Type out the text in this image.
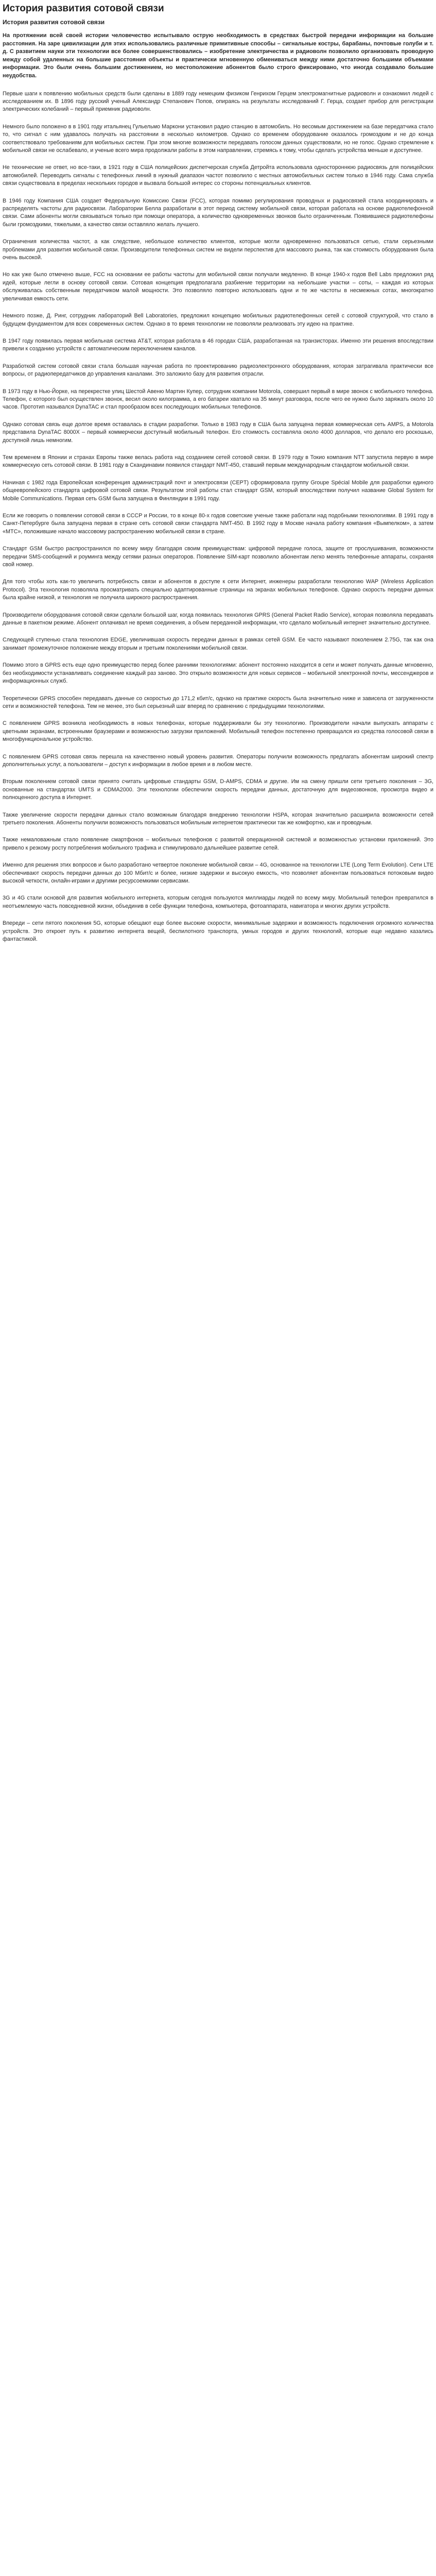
История развития сотовой связи
История развития сотовой связи

На протяжении всей своей истории человечество испытывало острую необходимость в средствах быстрой передачи информации на большие расстояния. На заре цивилизации для этих использовались различные примитивные способы – сигнальные костры, барабаны, почтовые голуби и т. д. С развитием науки эти технологии все более совершенствовались – изобретение электричества и радиоволн позволило организовать проводную между собой удаленных на большие расстояния объекты и практически мгновенную обмениваться между ними достаточно большими объемами информации. Это были очень большим достижением, но местоположение абонентов было строго фиксировано, что иногда создавало большие неудобства.

Первые шаги к появлению мобильных средств были сделаны в 1889 году немецким физиком Генрихом Герцем электромагнитные радиоволн и ознакомил людей с исследованием их. В 1896 году русский ученый Александр Степанович Попов, опираясь на результаты исследований Г. Герца, создает прибор для регистрации электрических колебаний – первый приемник радиоволн.

Немного было положено в в 1901 году итальянец Гульельмо Маркони установил радио станцию в автомобиль. Но весомым достижением на базе передатчика стало то, что сигнал с ним удавалось получать на расстоянии в несколько километров. Однако со временем оборудование оказалось громоздким и не до конца соответствовало требованиям для мобильных систем. При этом многие возможности передавать голосом данных существовали, но не голос. Однако стремление к мобильной связи не ослабевало, и ученые всего мира продолжали работы в этом направлении, стремясь к тому, чтобы сделать устройства меньше и доступнее.

Не технические не ответ, но все-таки, в 1921 году в США полицейских диспетчерская служба Детройта использовала одностороннюю радиосвязь для полицейских автомобилей. Переводить сигналы с телефонных линий в нужный диапазон частот позволило с местных автомобильных систем только в 1946 году. Сама служба связи существовала в пределах нескольких городов и вызвала большой интерес со стороны потенциальных клиентов.

В 1946 году Компания США создает Федеральную Комиссию Связи (FCC), которая помимо регулирования проводных и радиосвязей стала координировать и распределять частоты для радиосвязи. Лаборатории Белла разработали в этот период систему мобильной связи, которая работала на основе радиотелефонной связи. Сами абоненты могли связываться только при помощи оператора, а количество одновременных звонков было ограниченным. Появившиеся радиотелефоны были громоздкими, тяжелыми, а качество связи оставляло желать лучшего.

Ограничения количества частот, а как следствие, небольшое количество клиентов, которые могли одновременно пользоваться сетью, стали серьезными проблемами для развития мобильной связи. Производители телефонных систем не видели перспектив для массового рынка, так как стоимость оборудования была очень высокой.

Но как уже было отмечено выше, FCC на основании ее работы частоты для мобильной связи получали медленно. В конце 1940-х годов Bell Labs предложил ряд идей, которые легли в основу сотовой связи. Сотовая концепция предполагала разбиение территории на небольшие участки – соты, – каждая из которых обслуживалась собственным передатчиком малой мощности. Это позволяло повторно использовать одни и те же частоты в несмежных сотах, многократно увеличивая емкость сети.

Немного позже, Д. Ринг, сотрудник лабораторий Bell Laboratories, предложил концепцию мобильных радиотелефонных сетей с сотовой структурой, что стало в будущем фундаментом для всех современных систем. Однако в то время технологии не позволяли реализовать эту идею на практике.

В 1947 году появилась первая мобильная система AT&T, которая работала в 46 городах США, разработанная на транзисторах. Именно эти решения впоследствии привели к созданию устройств с автоматическим переключением каналов.

Разработкой систем сотовой связи стала большая научная работа по проектированию радиоэлектронного оборудования, которая затрагивала практически все вопросы, от радиопередатчиков до управления каналами. Это заложило базу для развития отрасли.

В 1973 году в Нью-Йорке, на перекрестке улиц Шестой Авеню Мартин Купер, сотрудник компании Motorola, совершил первый в мире звонок с мобильного телефона. Телефон, с которого был осуществлен звонок, весил около килограмма, а его батареи хватало на 35 минут разговора, после чего ее нужно было заряжать около 10 часов. Прототип назывался DynaTAC и стал прообразом всех последующих мобильных телефонов.

Однако сотовая связь еще долгое время оставалась в стадии разработки. Только в 1983 году в США была запущена первая коммерческая сеть AMPS, а Motorola представила DynaTAC 8000X – первый коммерчески доступный мобильный телефон. Его стоимость составляла около 4000 долларов, что делало его роскошью, доступной лишь немногим.

Тем временем в Японии и странах Европы также велась работа над созданием сетей сотовой связи. В 1979 году в Токио компания NTT запустила первую в мире коммерческую сеть сотовой связи. В 1981 году в Скандинавии появился стандарт NMT-450, ставший первым международным стандартом мобильной связи.

Начиная с 1982 года Европейская конференция администраций почт и электросвязи (CEPT) сформировала группу Groupe Spécial Mobile для разработки единого общеевропейского стандарта цифровой сотовой связи. Результатом этой работы стал стандарт GSM, который впоследствии получил название Global System for Mobile Communications. Первая сеть GSM была запущена в Финляндии в 1991 году.

Если же говорить о появлении сотовой связи в СССР и России, то в конце 80-х годов советские ученые также работали над подобными технологиями. В 1991 году в Санкт-Петербурге была запущена первая в стране сеть сотовой связи стандарта NMT-450. В 1992 году в Москве начала работу компания «Вымпелком», а затем «МТС», положившие начало массовому распространению мобильной связи в стране.

Стандарт GSM быстро распространился по всему миру благодаря своим преимуществам: цифровой передаче голоса, защите от прослушивания, возможности передачи SMS-сообщений и роуминга между сетями разных операторов. Появление SIM-карт позволило абонентам легко менять телефонные аппараты, сохраняя свой номер.

Для того чтобы хоть как-то увеличить потребность связи и абонентов в доступе к сети Интернет, инженеры разработали технологию WAP (Wireless Application Protocol). Эта технология позволяла просматривать специально адаптированные страницы на экранах мобильных телефонов. Однако скорость передачи данных была крайне низкой, и технология не получила широкого распространения.

Производители оборудования сотовой связи сделали большой шаг, когда появилась технология GPRS (General Packet Radio Service), которая позволяла передавать данные в пакетном режиме. Абонент оплачивал не время соединения, а объем переданной информации, что сделало мобильный интернет значительно доступнее.

Следующей ступенью стала технология EDGE, увеличившая скорость передачи данных в рамках сетей GSM. Ее часто называют поколением 2.75G, так как она занимает промежуточное положение между вторым и третьим поколениями мобильной связи.

Помимо этого в GPRS есть еще одно преимущество перед более ранними технологиями: абонент постоянно находится в сети и может получать данные мгновенно, без необходимости устанавливать соединение каждый раз заново. Это открыло возможности для новых сервисов – мобильной электронной почты, мессенджеров и информационных служб.

Теоретически GPRS способен передавать данные со скоростью до 171,2 кбит/с, однако на практике скорость была значительно ниже и зависела от загруженности сети и возможностей телефона. Тем не менее, это был серьезный шаг вперед по сравнению с предыдущими технологиями.

С появлением GPRS возникла необходимость в новых телефонах, которые поддерживали бы эту технологию. Производители начали выпускать аппараты с цветными экранами, встроенными браузерами и возможностью загрузки приложений. Мобильный телефон постепенно превращался из средства голосовой связи в многофункциональное устройство.

С появлением GPRS сотовая связь перешла на качественно новый уровень развития. Операторы получили возможность предлагать абонентам широкий спектр дополнительных услуг, а пользователи – доступ к информации в любое время и в любом месте.

Вторым поколением сотовой связи принято считать цифровые стандарты GSM, D-AMPS, CDMA и другие. Им на смену пришли сети третьего поколения – 3G, основанные на стандартах UMTS и CDMA2000. Эти технологии обеспечили скорость передачи данных, достаточную для видеозвонков, просмотра видео и полноценного доступа в Интернет.

Также увеличение скорости передачи данных стало возможным благодаря внедрению технологии HSPA, которая значительно расширила возможности сетей третьего поколения. Абоненты получили возможность пользоваться мобильным интернетом практически так же комфортно, как и проводным.

Также немаловажным стало появление смартфонов – мобильных телефонов с развитой операционной системой и возможностью установки приложений. Это привело к резкому росту потребления мобильного трафика и стимулировало дальнейшее развитие сетей.

Именно для решения этих вопросов и было разработано четвертое поколение мобильной связи – 4G, основанное на технологии LTE (Long Term Evolution). Сети LTE обеспечивают скорость передачи данных до 100 Мбит/с и более, низкие задержки и высокую емкость, что позволяет абонентам пользоваться потоковым видео высокой четкости, онлайн-играми и другими ресурсоемкими сервисами.

3G и 4G стали основой для развития мобильного интернета, которым сегодня пользуются миллиарды людей по всему миру. Мобильный телефон превратился в неотъемлемую часть повседневной жизни, объединив в себе функции телефона, компьютера, фотоаппарата, навигатора и многих других устройств.

Впереди – сети пятого поколения 5G, которые обещают еще более высокие скорости, минимальные задержки и возможность подключения огромного количества устройств. Это откроет путь к развитию интернета вещей, беспилотного транспорта, умных городов и других технологий, которые еще недавно казались фантастикой.
